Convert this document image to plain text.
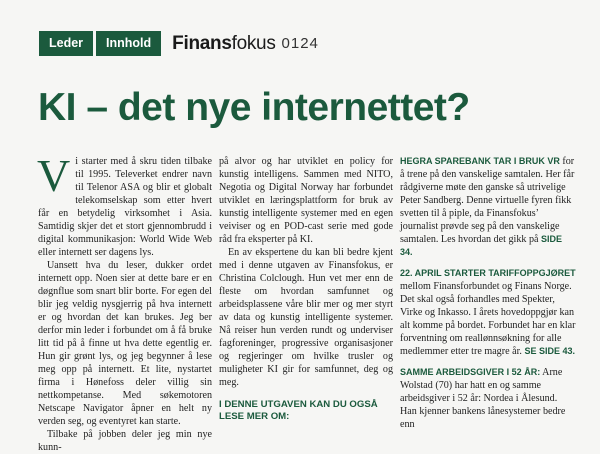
Leder	Innhold	Finansfokus 0124
KI – det nye internettet?

Vi starter med å skru tiden tilbake til 1995. Televerket endrer navn til Telenor ASA og blir et globalt telekomselskap som etter hvert får en betydelig virksomhet i Asia. Samtidig skjer det et stort gjennombrudd i digital kommunikasjon: World Wide Web eller internett ser dagens lys.

Uansett hva du leser, dukker ordet internett opp. Noen sier at dette bare er en døgnflue som snart blir borte. For egen del blir jeg veldig nysgjerrig på hva internett er og hvordan det kan brukes. Jeg ber derfor min leder i forbundet om å få bruke litt tid på å finne ut hva dette egentlig er. Hun gir grønt lys, og jeg begynner å lese meg opp på internett. Et lite, nystartet firma i Hønefoss deler villig sin nettkompetanse. Med søkemotoren Netscape Navigator åpner en helt ny verden seg, og eventyret kan starte.

Tilbake på jobben deler jeg min nye kunn-

på alvor og har utviklet en policy for kunstig intelligens. Sammen med NITO, Negotia og Digital Norway har forbundet utviklet en læringsplattform for bruk av kunstig intelligente systemer med en egen veiviser og en POD-cast serie med gode råd fra eksperter på KI.

En av ekspertene du kan bli bedre kjent med i denne utgaven av Finansfokus, er Christina Colclough. Hun vet mer enn de fleste om hvordan samfunnet og arbeidsplassene våre blir mer og mer styrt av data og kunstig intelligente systemer. Nå reiser hun verden rundt og underviser fagforeninger, progressive organisasjoner og regjeringer om hvilke trusler og muligheter KI gir for samfunnet, deg og meg.

I DENNE UTGAVEN KAN DU OGSÅ LESE MER OM:

HEGRA SPAREBANK TAR I BRUK VR for å trene på den vanskelige samtalen. Her får rådgiverne møte den ganske så utrivelige Peter Sandberg. Denne virtuelle fyren fikk svetten til å piple, da Finansfokus’ journalist prøvde seg på den vanskelige samtalen. Les hvordan det gikk på SIDE 34.

22. APRIL STARTER TARIFFOPPGJØRET mellom Finansforbundet og Finans Norge. Det skal også forhandles med Spekter, Virke og Inkasso. I årets hovedoppgjør kan alt komme på bordet. Forbundet har en klar forventning om reallønnsøkning for alle medlemmer etter tre magre år. SE SIDE 43.

SAMME ARBEIDSGIVER I 52 ÅR: Arne Wolstad (70) har hatt en og samme arbeidsgiver i 52 år: Nordea i Ålesund. Han kjenner bankens lånesystemer bedre enn
